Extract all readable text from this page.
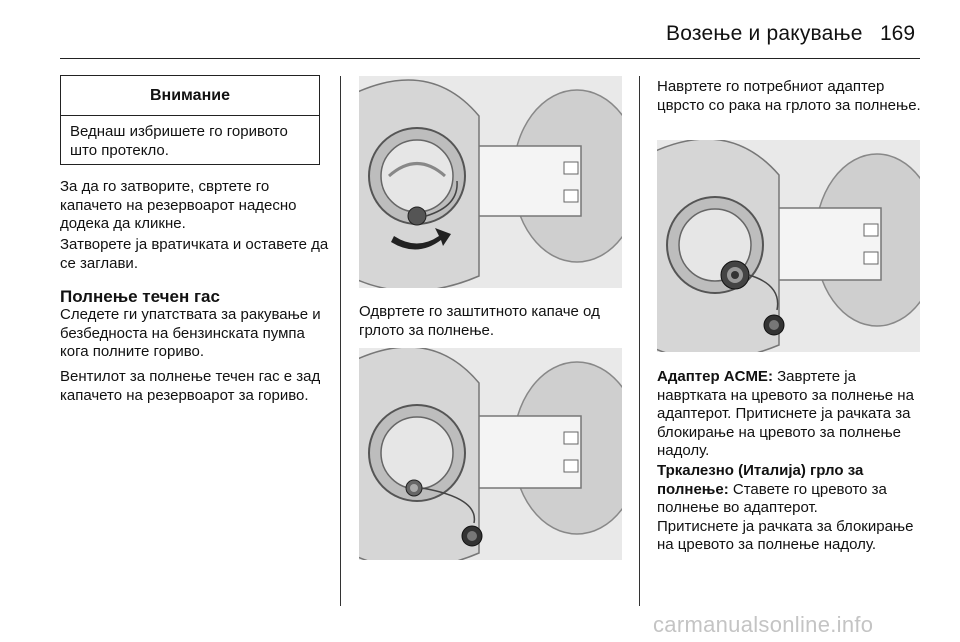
Возење и ракување 169
Внимание
Веднаш избришете го горивото што протекло.

За да го затворите, свртете го капачето на резервоарот надесно додека да кликне.

Затворете ја вратичката и оставете да се заглави.

Полнење течен гас

Следете ги упатствата за ракување и безбедноста на бензинската пумпа кога полните гориво.

Вентилот за полнење течен гас е зад капачето на резервоарот за гориво.

Одвртете го заштитното капаче од грлото за полнење.

Навртете го потребниот адаптер цврсто со рака на грлото за полнење.

Адаптер ACME: Завртете ја навртката на цревото за полнење на адаптерот. Притиснете ја рачката за блокирање на цревото за полнење надолу.

Тркалезно (Италија) грло за полнење: Ставете го цревото за полнење во адаптерот.
Притиснете ја рачката за блокирање на цревото за полнење надолу.

carmanualsonline.info
